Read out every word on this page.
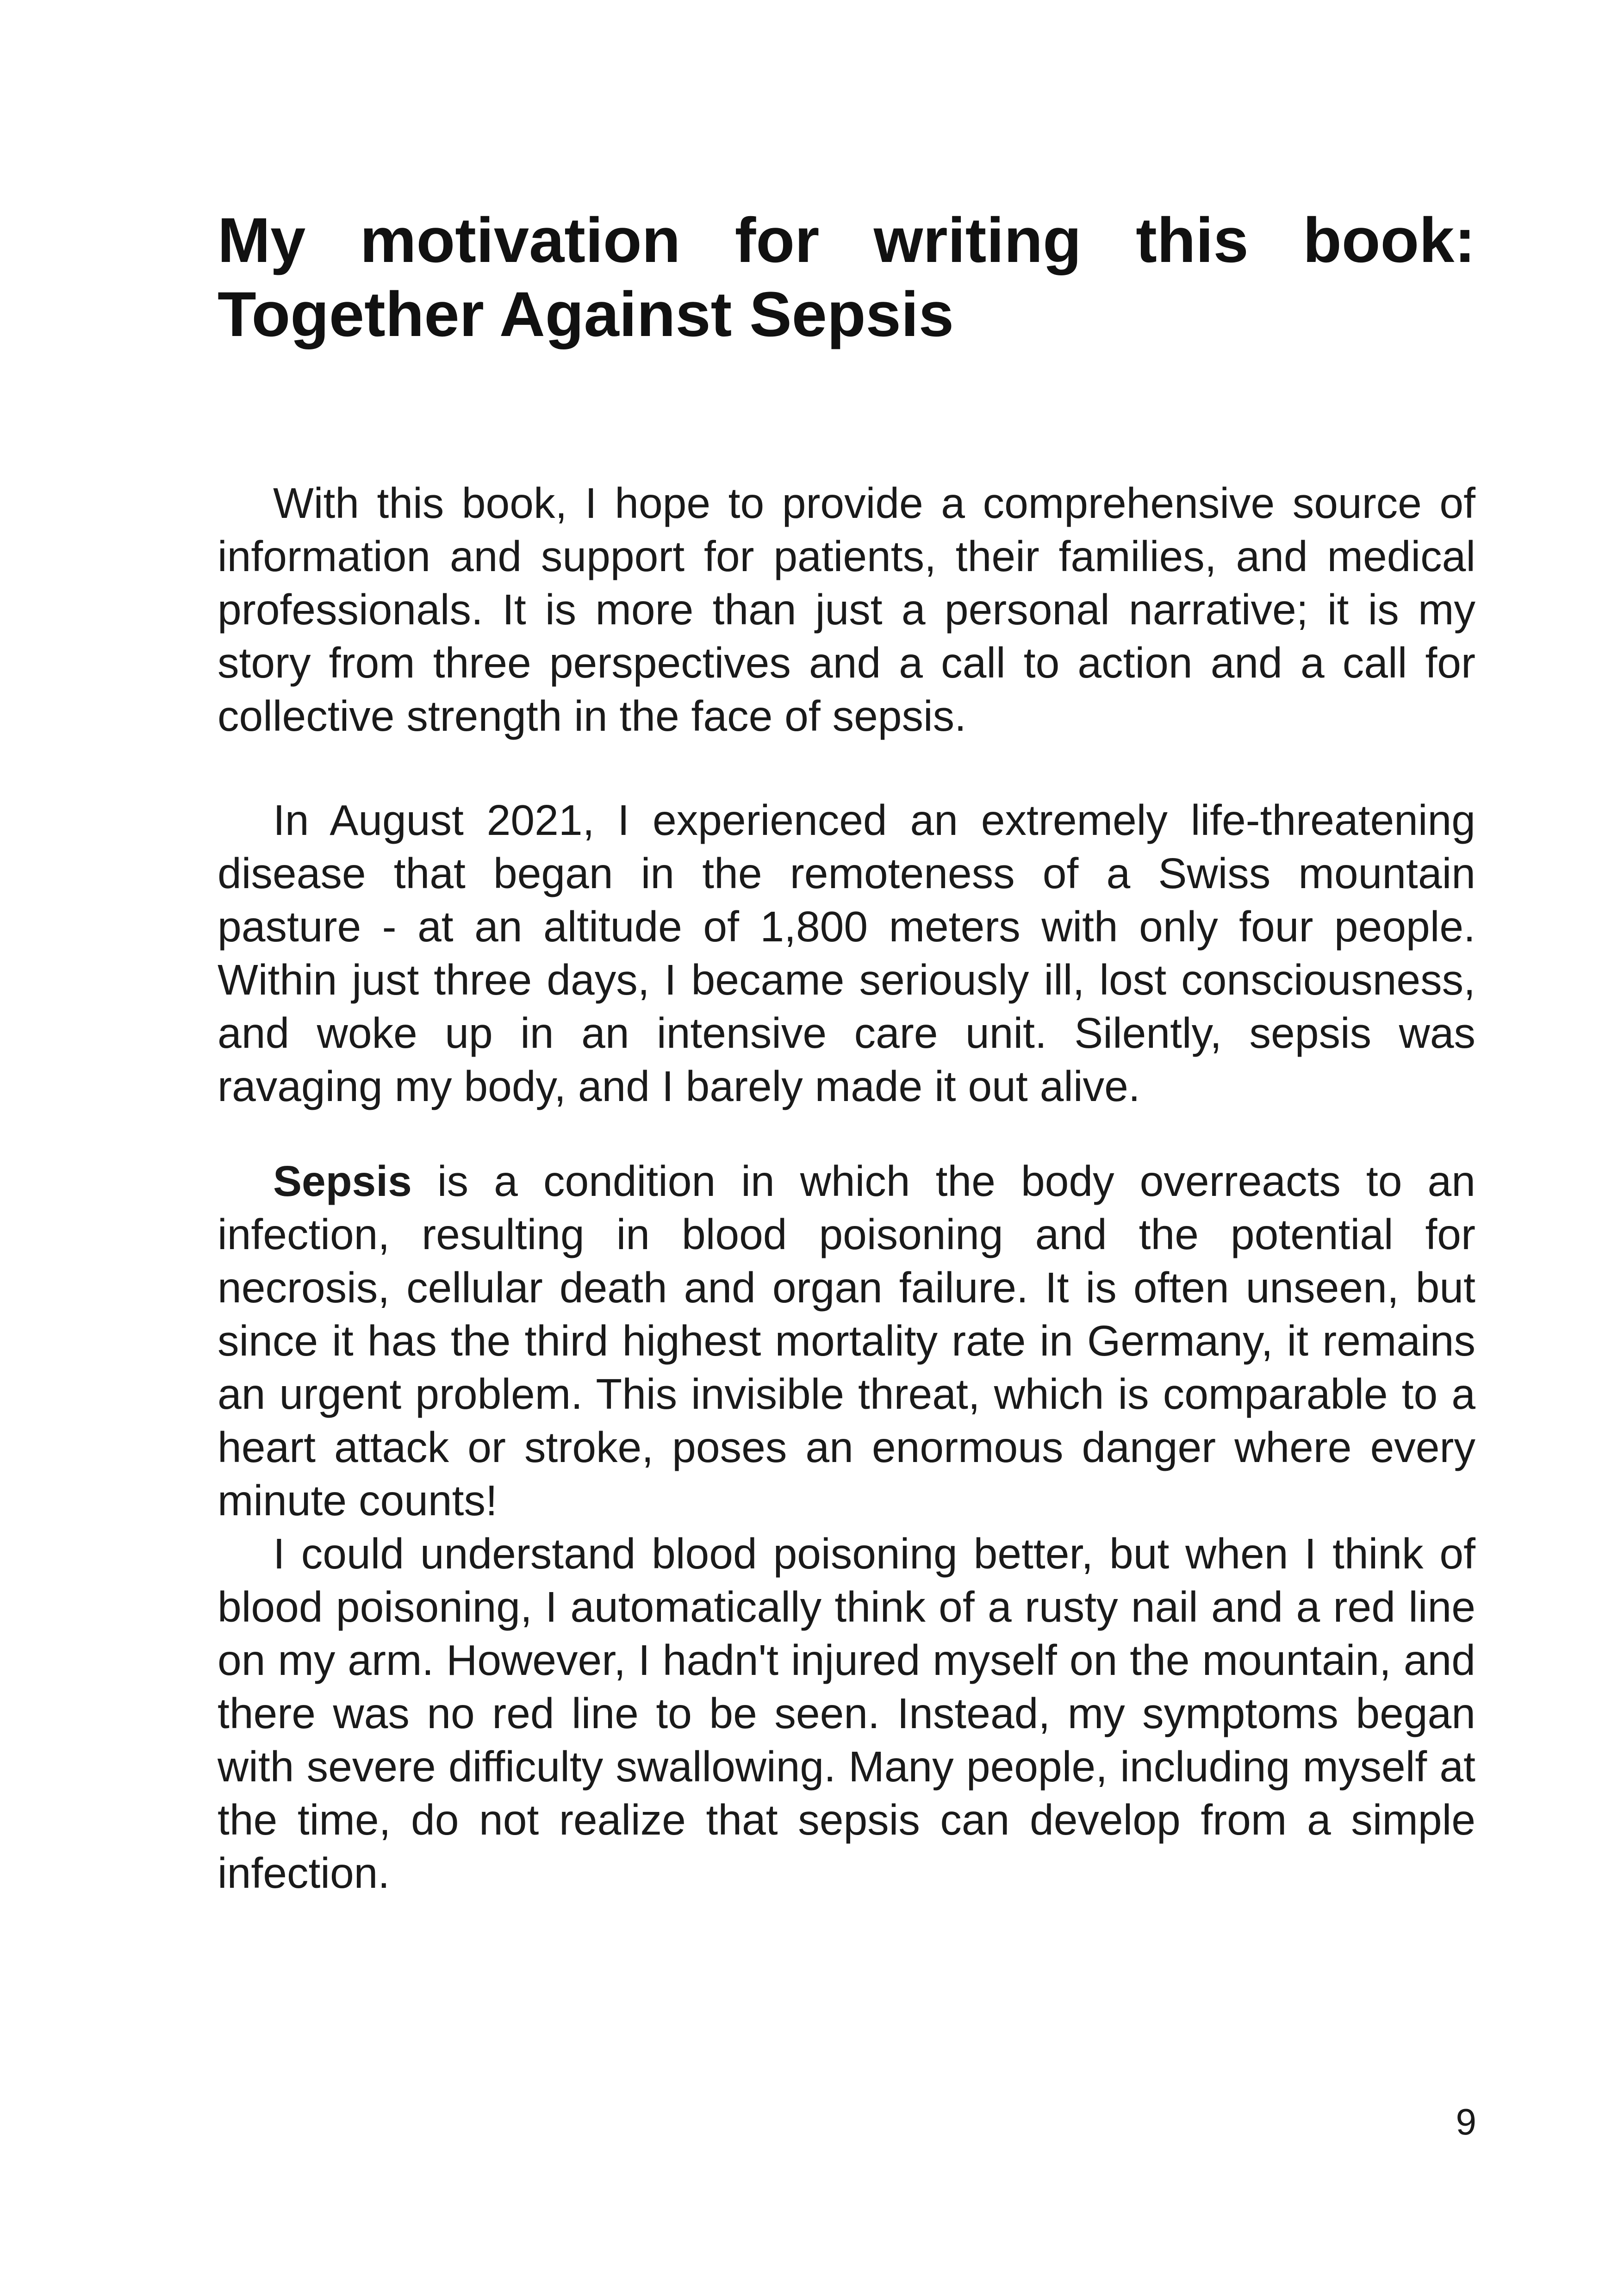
My motivation for writing this book: Together Against Sepsis

With this book, I hope to provide a comprehensive source of information and support for patients, their families, and medical professionals. It is more than just a personal narrative; it is my story from three perspectives and a call to action and a call for collective strength in the face of sepsis.

In August 2021, I experienced an extremely life-threatening disease that began in the remoteness of a Swiss mountain pasture - at an altitude of 1,800 meters with only four people. Within just three days, I became seriously ill, lost consciousness, and woke up in an intensive care unit. Silently, sepsis was ravaging my body, and I barely made it out alive.

Sepsis is a condition in which the body overreacts to an infection, resulting in blood poisoning and the potential for necrosis, cellular death and organ failure. It is often unseen, but since it has the third highest mortality rate in Germany, it remains an urgent problem. This invisible threat, which is comparable to a heart attack or stroke, poses an enormous danger where every minute counts!

I could understand blood poisoning better, but when I think of blood poisoning, I automatically think of a rusty nail and a red line on my arm. However, I hadn't injured myself on the mountain, and there was no red line to be seen. Instead, my symptoms began with severe difficulty swallowing. Many people, including myself at the time, do not realize that sepsis can develop from a simple infection.

9
